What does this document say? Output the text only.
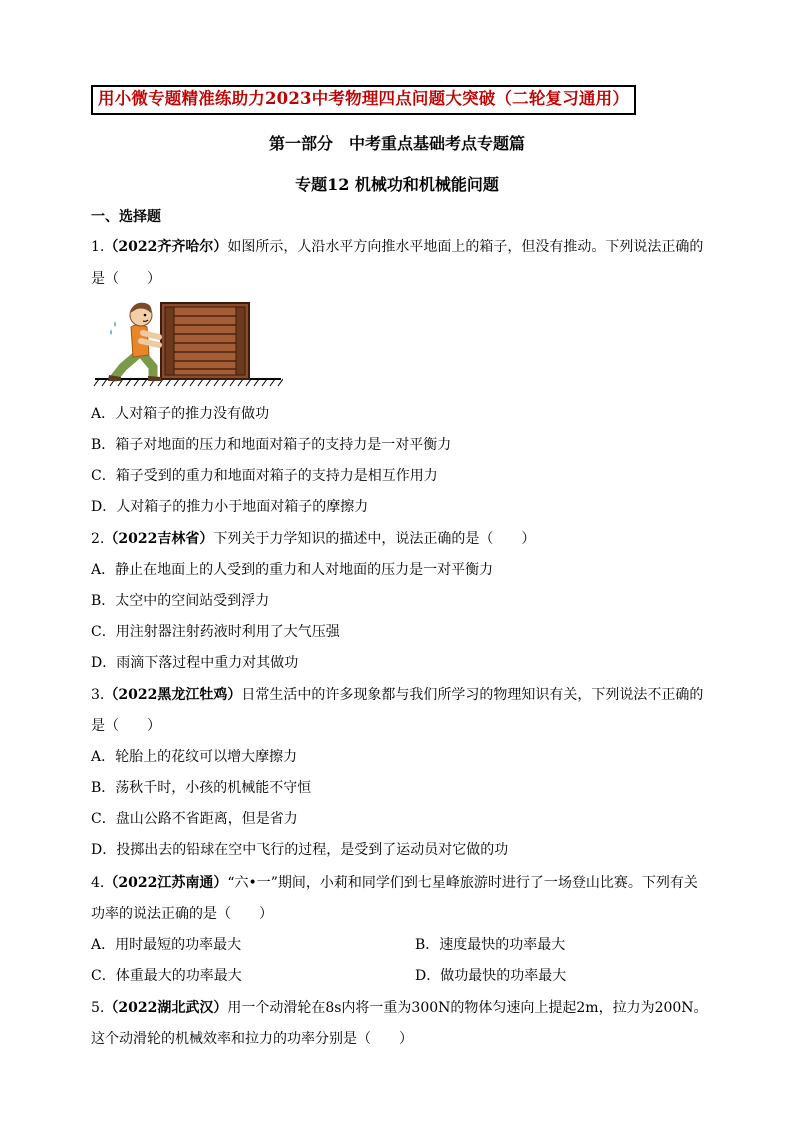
用小微专题精准练助力2023中考物理四点问题大突破（二轮复习通用）
第一部分　中考重点基础考点专题篇
专题12 机械功和机械能问题
一、选择题
1.（2022齐齐哈尔）如图所示，人沿水平方向推水平地面上的箱子，但没有推动。下列说法正确的
是（　　）
A．人对箱子的推力没有做功
B．箱子对地面的压力和地面对箱子的支持力是一对平衡力
C．箱子受到的重力和地面对箱子的支持力是相互作用力
D．人对箱子的推力小于地面对箱子的摩擦力
2.（2022吉林省）下列关于力学知识的描述中，说法正确的是（　　）
A．静止在地面上的人受到的重力和人对地面的压力是一对平衡力
B．太空中的空间站受到浮力
C．用注射器注射药液时利用了大气压强
D．雨滴下落过程中重力对其做功
3.（2022黑龙江牡鸡）日常生活中的许多现象都与我们所学习的物理知识有关，下列说法不正确的
是（　　）
A．轮胎上的花纹可以增大摩擦力
B．荡秋千时，小孩的机械能不守恒
C．盘山公路不省距离，但是省力
D．投掷出去的铅球在空中飞行的过程，是受到了运动员对它做的功
4.（2022江苏南通）“六•一”期间，小莉和同学们到七星峰旅游时进行了一场登山比赛。下列有关
功率的说法正确的是（　　）
A．用时最短的功率最大	B．速度最快的功率最大
C．体重最大的功率最大	D．做功最快的功率最大
5.（2022湖北武汉）用一个动滑轮在8s内将一重为300N的物体匀速向上提起2m，拉力为200N。
这个动滑轮的机械效率和拉力的功率分别是（　　）
